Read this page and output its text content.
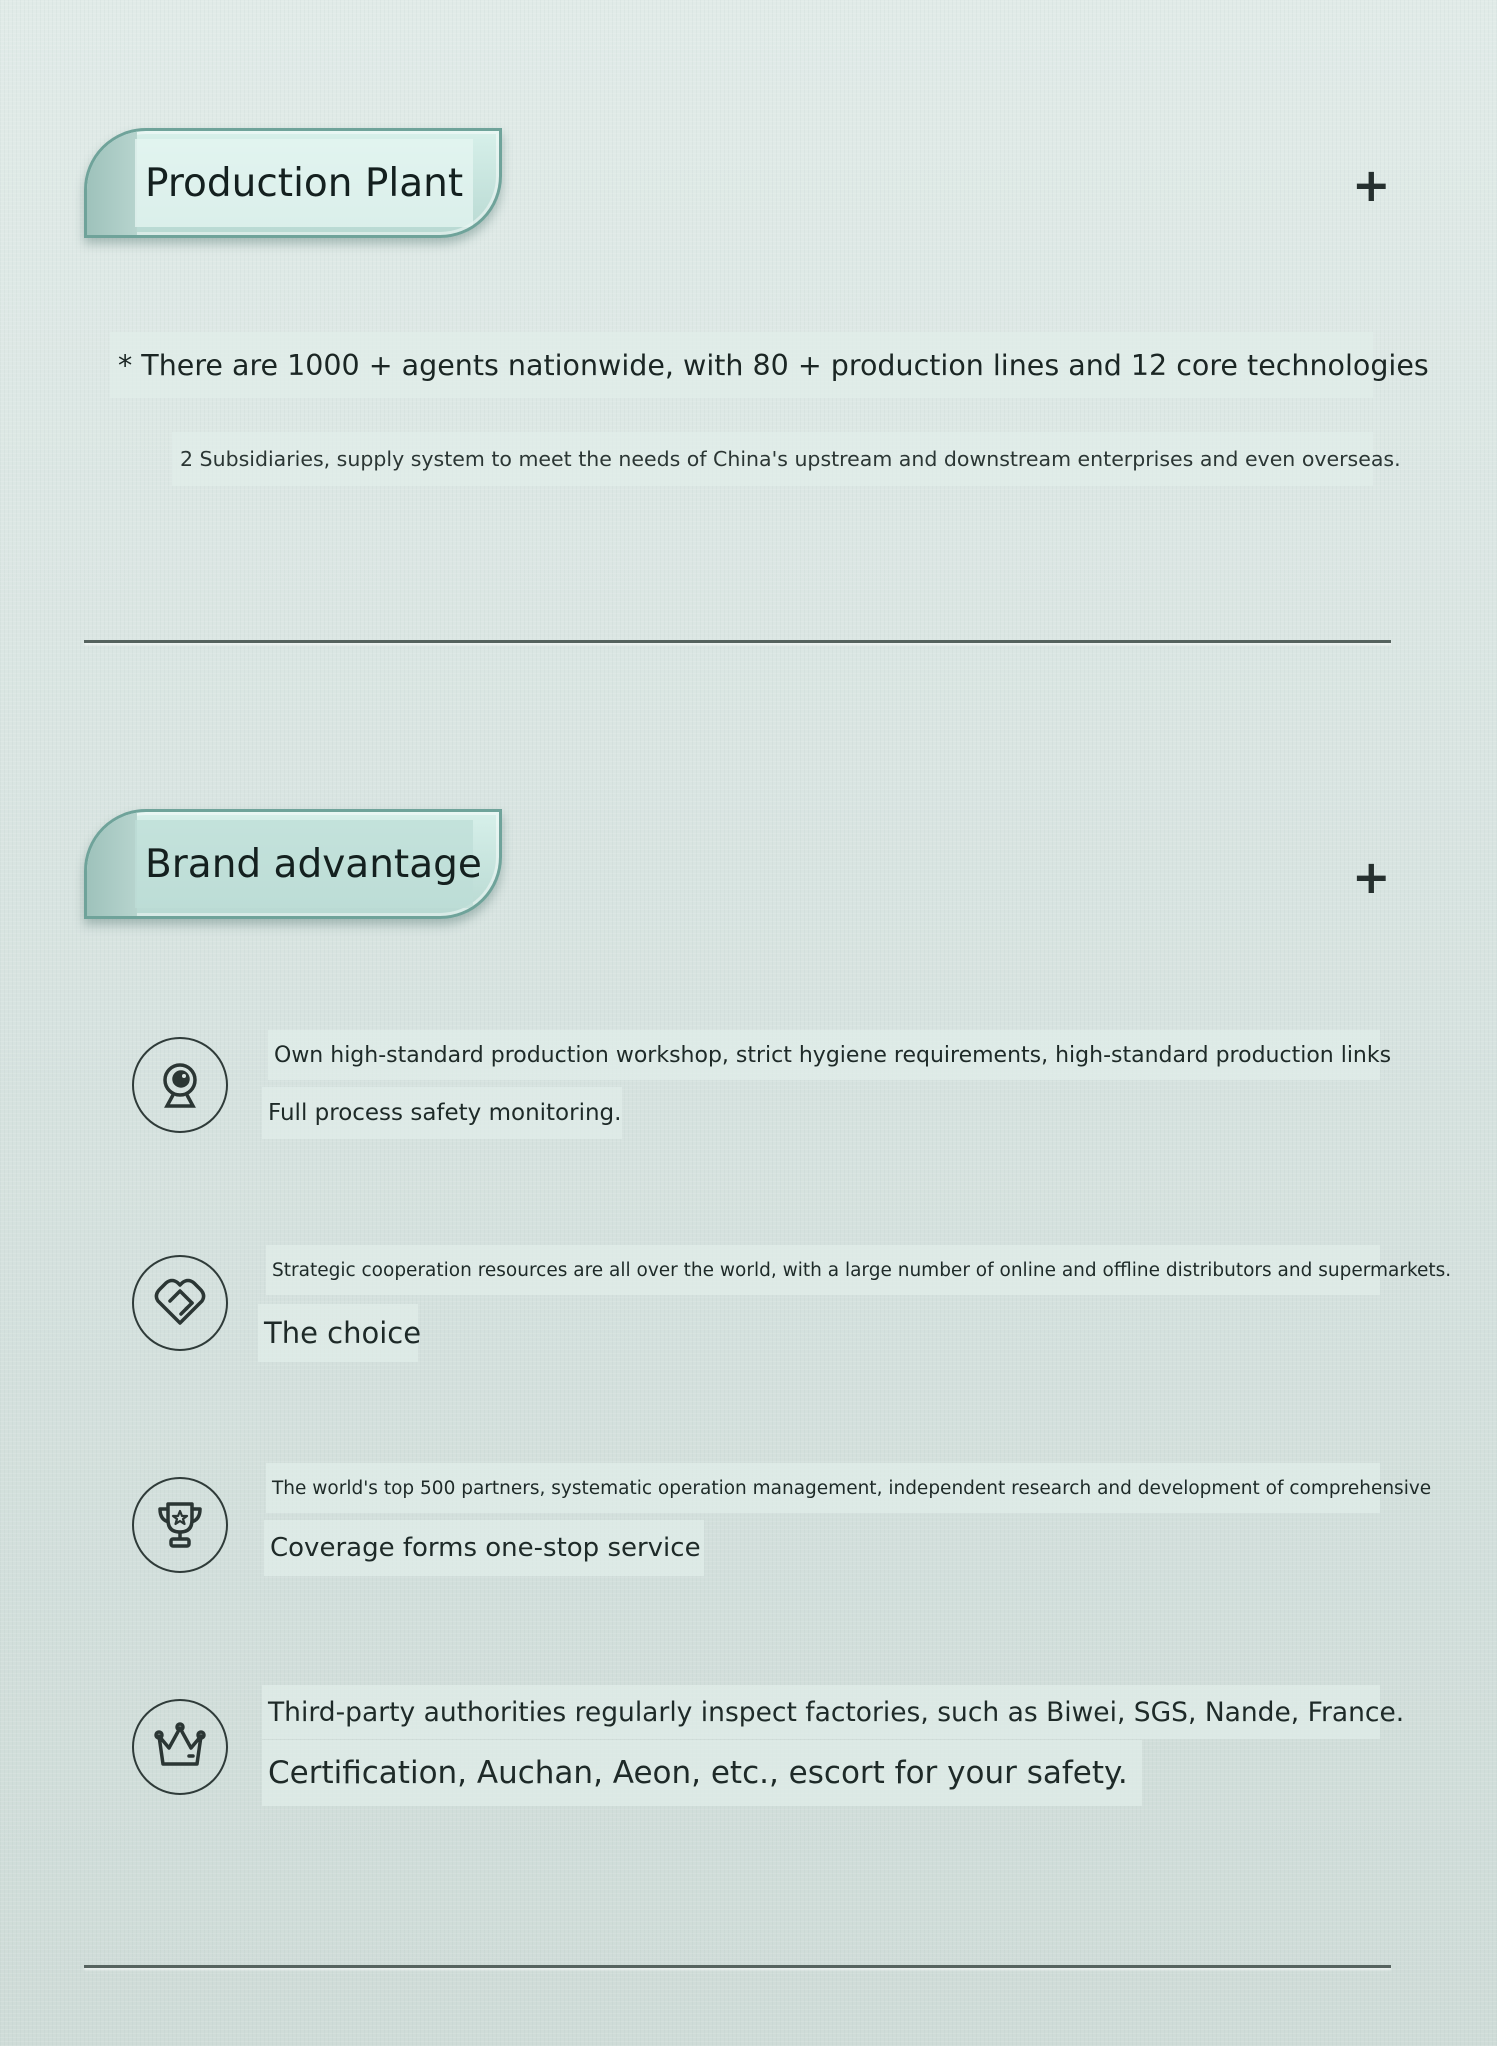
Production Plant	+
* There are 1000 + agents nationwide, with 80 + production lines and 12 core technologies
2 Subsidiaries, supply system to meet the needs of China's upstream and downstream enterprises and even overseas.
Brand advantage	+
Own high-standard production workshop, strict hygiene requirements, high-standard production links
Full process safety monitoring.
Strategic cooperation resources are all over the world, with a large number of online and offline distributors and supermarkets.
The choice
The world's top 500 partners, systematic operation management, independent research and development of comprehensive
Coverage forms one-stop service
Third-party authorities regularly inspect factories, such as Biwei, SGS, Nande, France.
Certification, Auchan, Aeon, etc., escort for your safety.
